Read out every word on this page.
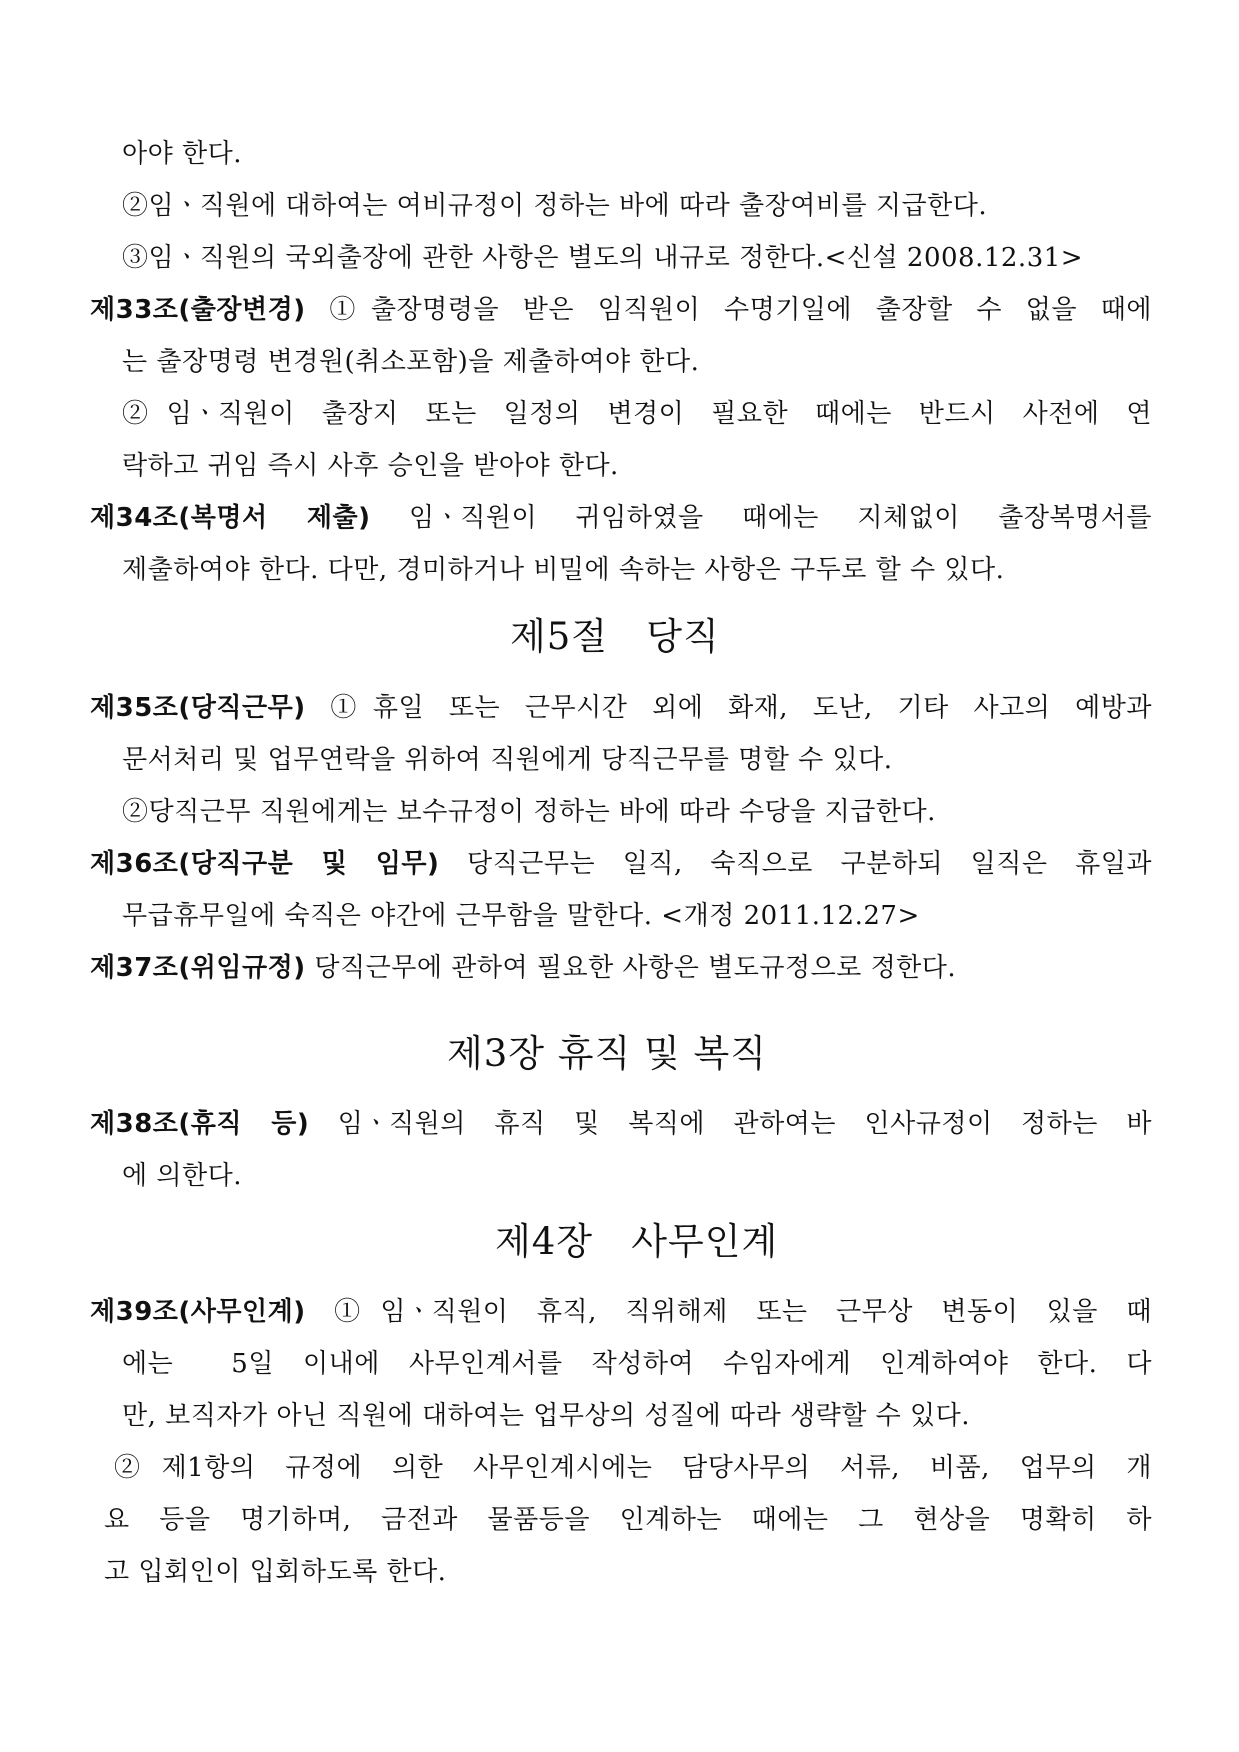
아야 한다.
②임ㆍ직원에 대하여는 여비규정이 정하는 바에 따라 출장여비를 지급한다.
③임ㆍ직원의 국외출장에 관한 사항은 별도의 내규로 정한다.<신설 2008.12.31>
제33조(출장변경) ①출장명령을 받은 임직원이 수명기일에 출장할 수 없을 때에
는 출장명령 변경원(취소포함)을 제출하여야 한다.
②임ㆍ직원이 출장지 또는 일정의 변경이 필요한 때에는 반드시 사전에 연
락하고 귀임 즉시 사후 승인을 받아야 한다.
제34조(복명서 제출) 임ㆍ직원이 귀임하였을 때에는 지체없이 출장복명서를
제출하여야 한다. 다만, 경미하거나 비밀에 속하는 사항은 구두로 할 수 있다.
제5절   당직
제35조(당직근무) ①휴일 또는 근무시간 외에 화재, 도난, 기타 사고의 예방과
문서처리 및 업무연락을 위하여 직원에게 당직근무를 명할 수 있다.
②당직근무 직원에게는 보수규정이 정하는 바에 따라 수당을 지급한다.
제36조(당직구분 및 임무) 당직근무는 일직, 숙직으로 구분하되 일직은 휴일과
무급휴무일에 숙직은 야간에 근무함을 말한다. <개정 2011.12.27>
제37조(위임규정) 당직근무에 관하여 필요한 사항은 별도규정으로 정한다.
제3장 휴직 및 복직
제38조(휴직 등) 임ㆍ직원의 휴직 및 복직에 관하여는 인사규정이 정하는 바
에 의한다.
제4장   사무인계
제39조(사무인계) ①임ㆍ직원이 휴직, 직위해제 또는 근무상 변동이 있을 때
에는  5일 이내에 사무인계서를 작성하여 수임자에게 인계하여야 한다. 다
만, 보직자가 아닌 직원에 대하여는 업무상의 성질에 따라 생략할 수 있다.
②제1항의 규정에 의한 사무인계시에는 담당사무의 서류, 비품, 업무의 개
요 등을 명기하며, 금전과 물품등을 인계하는 때에는 그 현상을 명확히 하
고 입회인이 입회하도록 한다.
